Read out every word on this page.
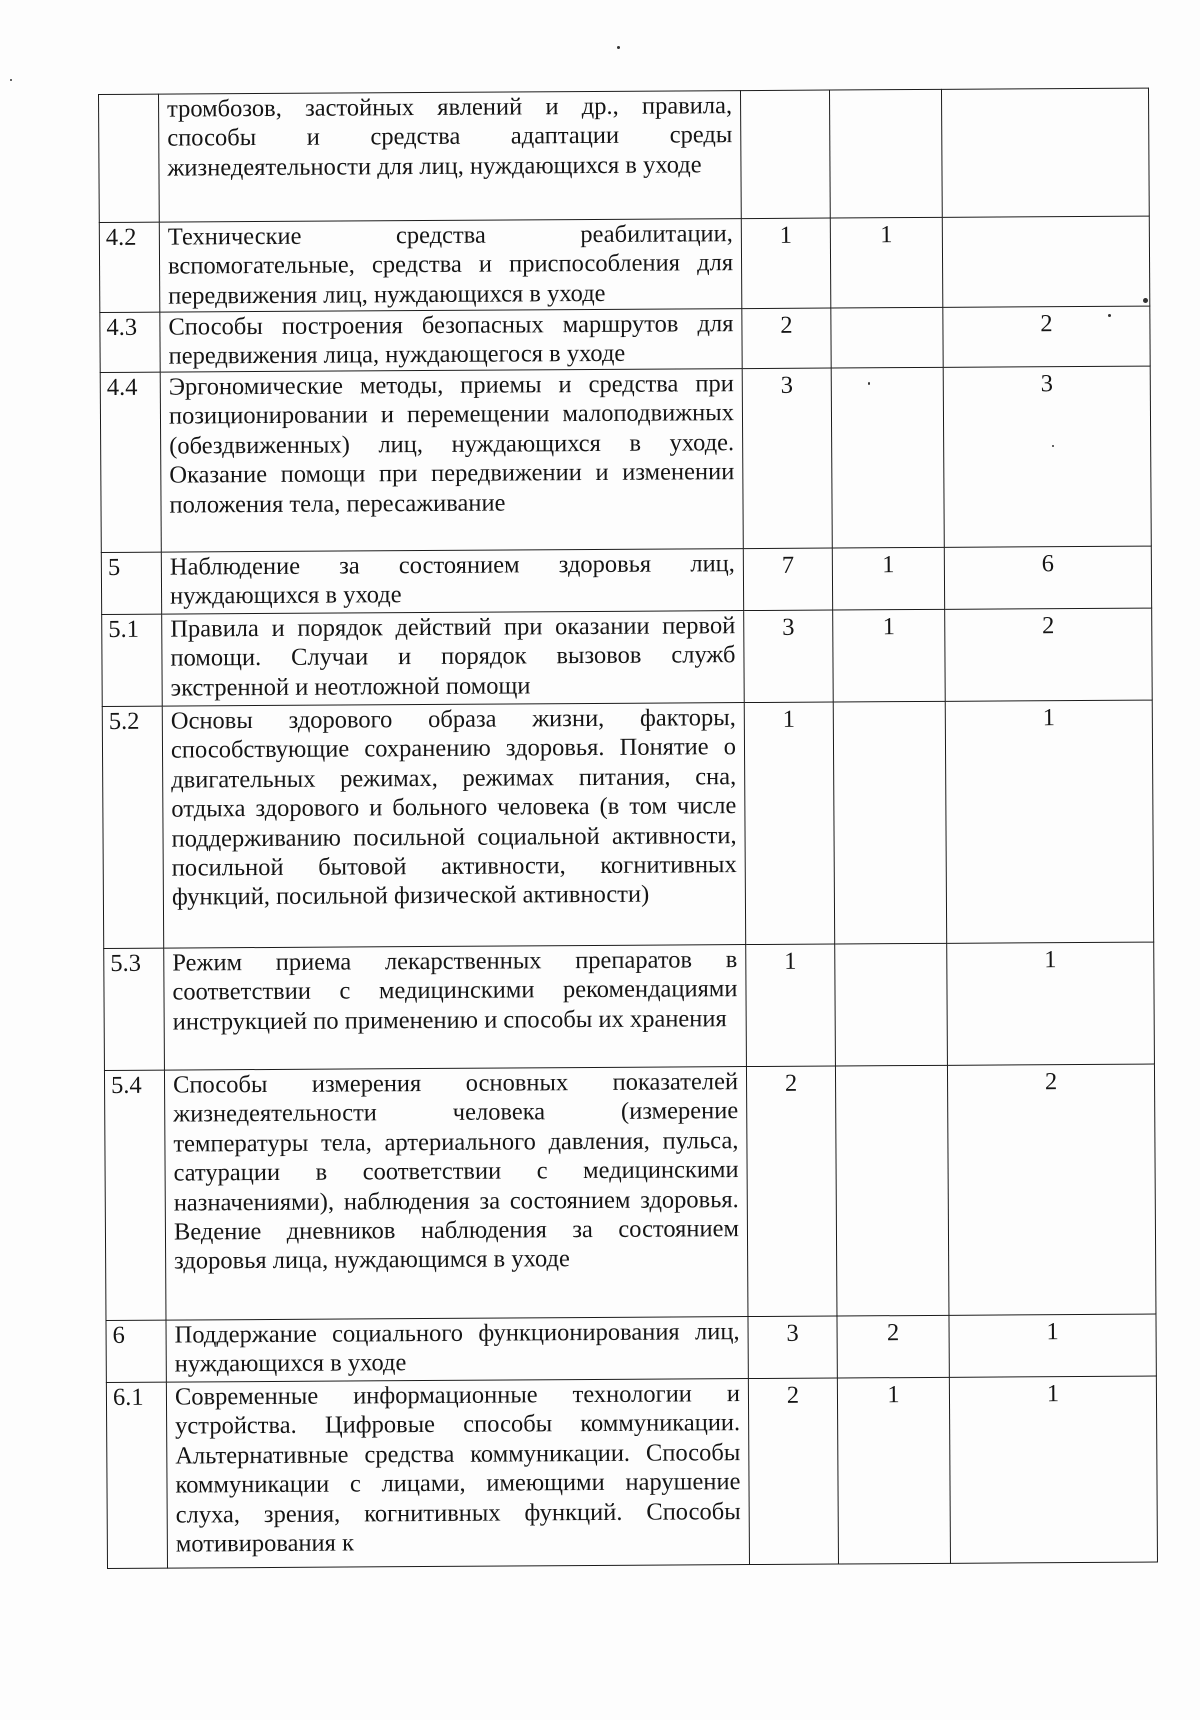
	тромбозов, застойных явлений и др., правила, способы и средства адаптации среды жизнедеятельности для лиц, нуждающихся в уходе			
4.2	Технические средства реабилитации, вспомогательные, средства и приспособления для передвижения лиц, нуждающихся в уходе	1	1	
4.3	Способы построения безопасных маршрутов для передвижения лица, нуждающегося в уходе	2		2
4.4	Эргономические методы, приемы и средства при позиционировании и перемещении малоподвижных (обездвиженных) лиц, нуждающихся в уходе. Оказание помощи при передвижении и изменении положения тела, пересаживание	3		3
5	Наблюдение за состоянием здоровья лиц, нуждающихся в уходе	7	1	6
5.1	Правила и порядок действий при оказании первой помощи. Случаи и порядок вызовов служб экстренной и неотложной помощи	3	1	2
5.2	Основы здорового образа жизни, факторы, способствующие сохранению здоровья. Понятие о двигательных режимах, режимах питания, сна, отдыха здорового и больного человека (в том числе поддерживанию посильной социальной активности, посильной бытовой активности, когнитивных функций, посильной физической активности)	1		1
5.3	Режим приема лекарственных препаратов в соответствии с медицинскими рекомендациями инструкцией по применению и способы их хранения	1		1
5.4	Способы измерения основных показателей жизнедеятельности человека (измерение температуры тела, артериального давления, пульса, сатурации в соответствии с медицинскими назначениями), наблюдения за состоянием здоровья. Ведение дневников наблюдения за состоянием здоровья лица, нуждающимся в уходе	2		2
6	Поддержание социального функционирования лиц, нуждающихся в уходе	3	2	1
6.1	Современные информационные технологии и устройства. Цифровые способы коммуникации. Альтернативные средства коммуникации. Способы коммуникации с лицами, имеющими нарушение слуха, зрения, когнитивных функций. Способы мотивирования к	2	1	1
